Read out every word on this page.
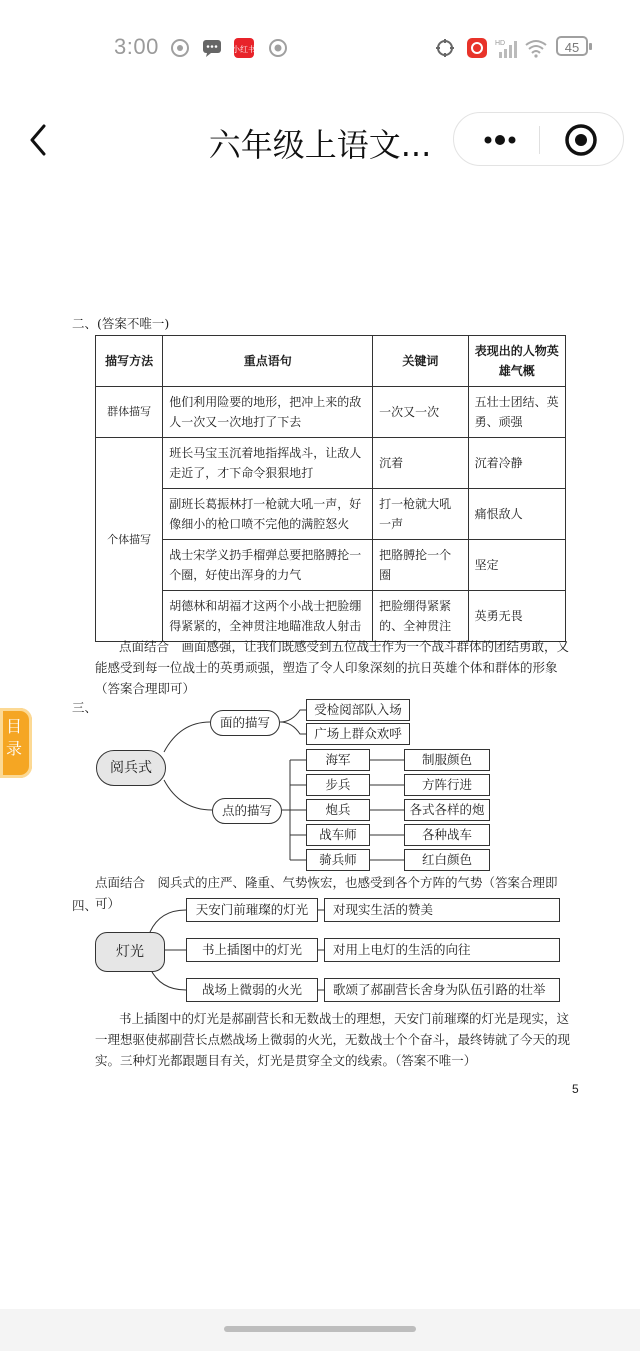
3:00	小红书
HD	45
六年级上语文...
目录
二、(答案不唯一)
描写方法	重点语句	关键词	表现出的人物英雄气概
群体描写	他们利用险要的地形，把冲上来的敌人一次又一次地打了下去	一次又一次	五壮士团结、英勇、顽强
个体描写	班长马宝玉沉着地指挥战斗，让敌人走近了，才下命令狠狠地打	沉着	沉着冷静
	副班长葛振林打一枪就大吼一声，好像细小的枪口喷不完他的满腔怒火	打一枪就大吼一声	痛恨敌人
	战士宋学义扔手榴弹总要把胳膊抡一个圈，好使出浑身的力气	把胳膊抡一个圈	坚定
	胡德林和胡福才这两个小战士把脸绷得紧紧的，全神贯注地瞄准敌人射击	把脸绷得紧紧的、全神贯注	英勇无畏
点面结合　画面感强，让我们既感受到五位战士作为一个战斗群体的团结勇敢，又能感受到每一位战士的英勇顽强，塑造了令人印象深刻的抗日英雄个体和群体的形象（答案合理即可）
三、
阅兵式
面的描写
受检阅部队入场
广场上群众欢呼
点的描写
海军
步兵
炮兵
战车师
骑兵师
制服颜色
方阵行进
各式各样的炮
各种战车
红白颜色
点面结合　阅兵式的庄严、隆重、气势恢宏，也感受到各个方阵的气势（答案合理即可）
四、
灯光
天安门前璀璨的灯光
书上插图中的灯光
战场上微弱的火光
对现实生活的赞美
对用上电灯的生活的向往
歌颂了郝副营长舍身为队伍引路的壮举
书上插图中的灯光是郝副营长和无数战士的理想，天安门前璀璨的灯光是现实，这一理想驱使郝副营长点燃战场上微弱的火光，无数战士个个奋斗，最终铸就了今天的现实。三种灯光都跟题目有关，灯光是贯穿全文的线索。（答案不唯一）
5
